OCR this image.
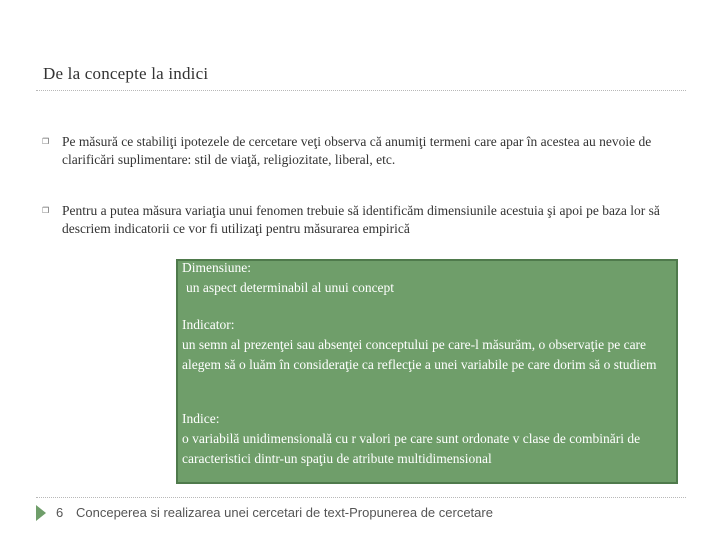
De la concepte la indici
❒ Pe măsură ce stabiliţi ipotezele de cercetare veţi observa că anumiţi termeni care apar în acestea au nevoie de clarificări suplimentare: stil de viaţă, religiozitate, liberal, etc.
❒ Pentru a putea măsura variaţia unui fenomen trebuie să identificăm dimensiunile acestuia şi apoi pe baza lor să descriem indicatorii ce vor fi utilizaţi pentru măsurarea empirică
Dimensiune:
un aspect determinabil al unui concept
Indicator:
un semn al prezenţei sau absenţei conceptului pe care-l măsurăm, o observaţie pe care alegem să o luăm în consideraţie ca reflecţie a unei variabile pe care dorim să o studiem
Indice:
o variabilă unidimensională cu r valori pe care sunt ordonate v clase de combinări de caracteristici dintr-un spaţiu de atribute multidimensional
6 Conceperea si realizarea unei cercetari de text-Propunerea de cercetare
